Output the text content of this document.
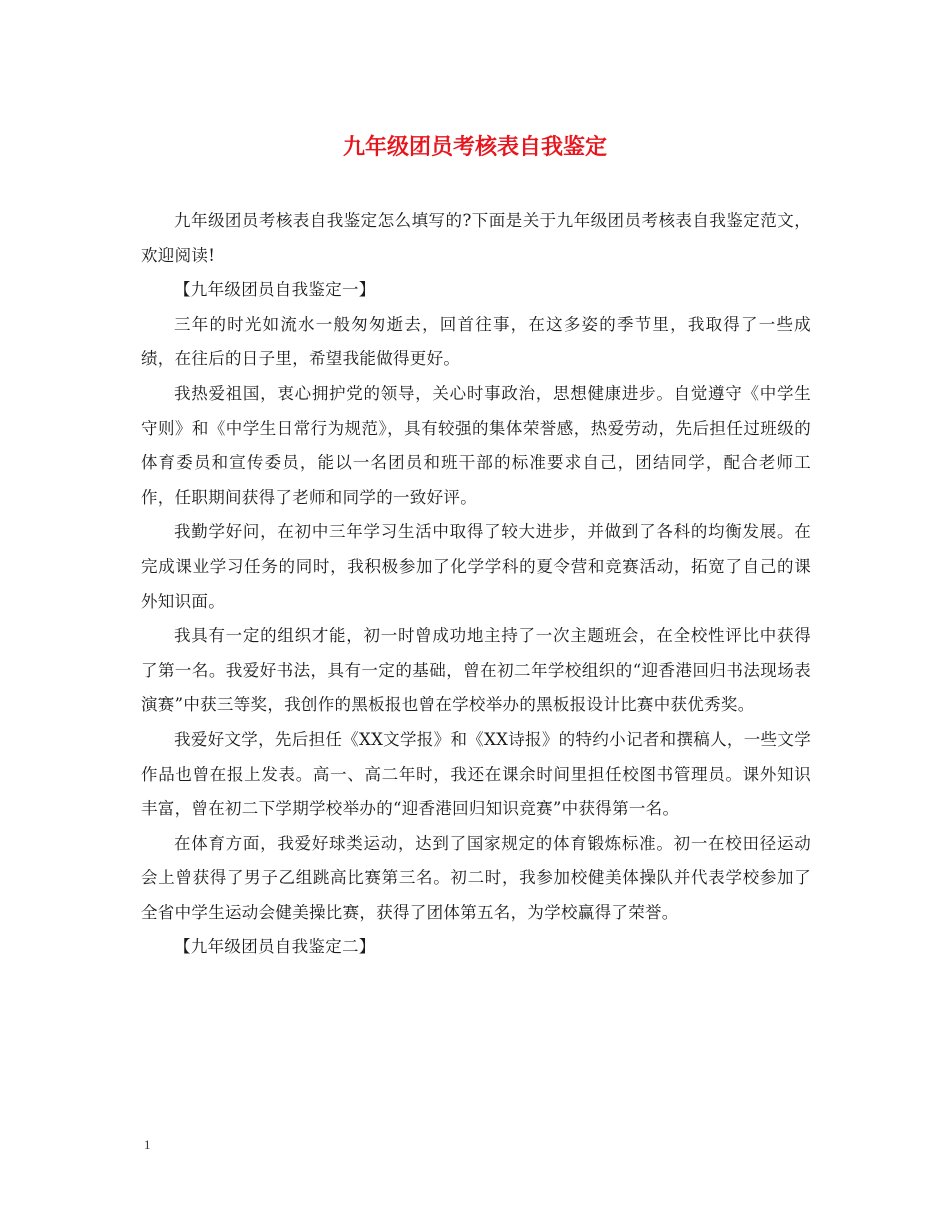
九年级团员考核表自我鉴定

九年级团员考核表自我鉴定怎么填写的?下面是关于九年级团员考核表自我鉴定范文，欢迎阅读!

【九年级团员自我鉴定一】

三年的时光如流水一般匆匆逝去，回首往事，在这多姿的季节里，我取得了一些成绩，在往后的日子里，希望我能做得更好。

我热爱祖国，衷心拥护党的领导，关心时事政治，思想健康进步。自觉遵守《中学生守则》和《中学生日常行为规范》，具有较强的集体荣誉感，热爱劳动，先后担任过班级的体育委员和宣传委员，能以一名团员和班干部的标准要求自己，团结同学，配合老师工作，任职期间获得了老师和同学的一致好评。

我勤学好问，在初中三年学习生活中取得了较大进步，并做到了各科的均衡发展。在完成课业学习任务的同时，我积极参加了化学学科的夏令营和竞赛活动，拓宽了自己的课外知识面。

我具有一定的组织才能，初一时曾成功地主持了一次主题班会，在全校性评比中获得了第一名。我爱好书法，具有一定的基础，曾在初二年学校组织的“迎香港回归书法现场表演赛”中获三等奖，我创作的黑板报也曾在学校举办的黑板报设计比赛中获优秀奖。

我爱好文学，先后担任《XX文学报》和《XX诗报》的特约小记者和撰稿人，一些文学作品也曾在报上发表。高一、高二年时，我还在课余时间里担任校图书管理员。课外知识丰富，曾在初二下学期学校举办的“迎香港回归知识竞赛”中获得第一名。

在体育方面，我爱好球类运动，达到了国家规定的体育锻炼标准。初一在校田径运动会上曾获得了男子乙组跳高比赛第三名。初二时，我参加校健美体操队并代表学校参加了全省中学生运动会健美操比赛，获得了团体第五名，为学校赢得了荣誉。

【九年级团员自我鉴定二】

1
